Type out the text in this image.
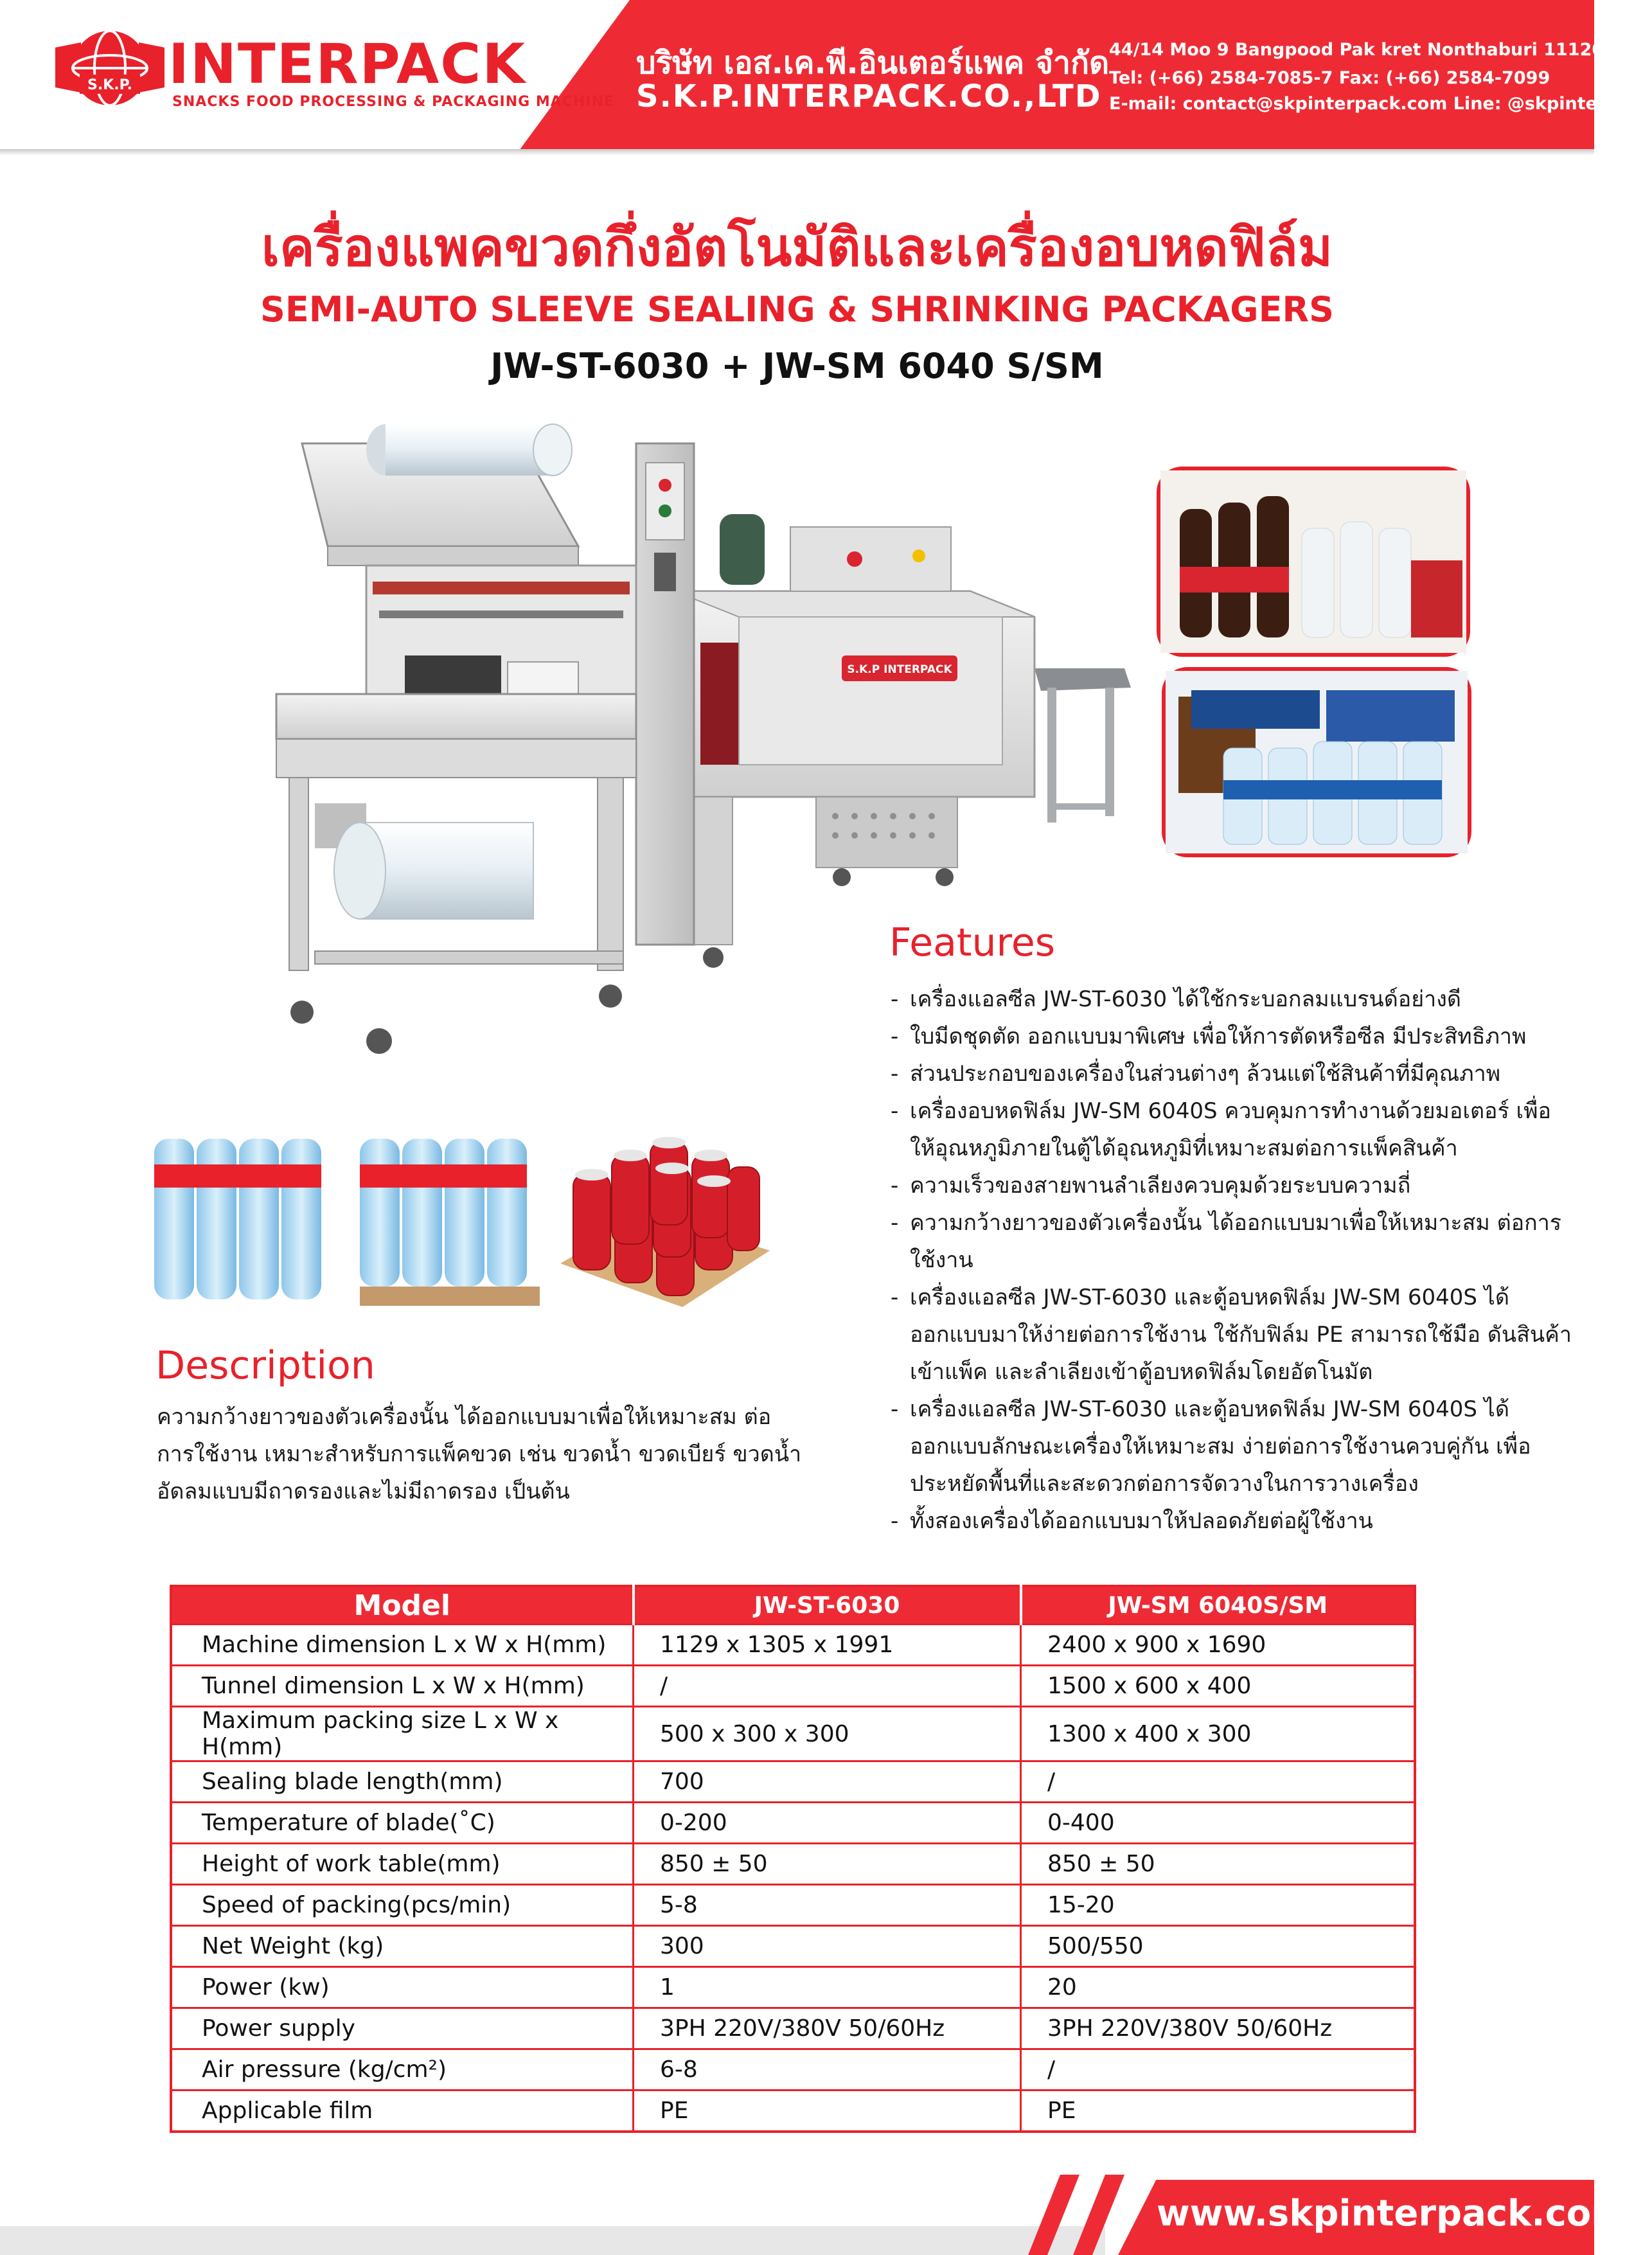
S.K.P. INTERPACK
SNACKS FOOD PROCESSING & PACKAGING MACHINE
บริษัท เอส.เค.พี.อินเตอร์แพค จำกัด
S.K.P.INTERPACK.CO.,LTD
44/14 Moo 9 Bangpood Pak kret Nonthaburi 11120
Tel: (+66) 2584-7085-7 Fax: (+66) 2584-7099
E-mail: contact@skpinterpack.com Line: @skpinterpack
เครื่องแพคขวดกึ่งอัตโนมัติและเครื่องอบหดฟิล์ม
SEMI-AUTO SLEEVE SEALING & SHRINKING PACKAGERS
JW-ST-6030 + JW-SM 6040 S/SM
S.K.P INTERPACK
Features
- เครื่องแอลซีล JW-ST-6030 ได้ใช้กระบอกลมแบรนด์อย่างดี
- ใบมีดชุดตัด ออกแบบมาพิเศษ เพื่อให้การตัดหรือซีล มีประสิทธิภาพ
- ส่วนประกอบของเครื่องในส่วนต่างๆ ล้วนแต่ใช้สินค้าที่มีคุณภาพ
- เครื่องอบหดฟิล์ม JW-SM 6040S ควบคุมการทำงานด้วยมอเตอร์ เพื่อให้อุณหภูมิภายในตู้ได้อุณหภูมิที่เหมาะสมต่อการแพ็คสินค้า
- ความเร็วของสายพานลำเลียงควบคุมด้วยระบบความถี่
- ความกว้างยาวของตัวเครื่องนั้น ได้ออกแบบมาเพื่อให้เหมาะสม ต่อการใช้งาน
- เครื่องแอลซีล JW-ST-6030 และตู้อบหดฟิล์ม JW-SM 6040S ได้ออกแบบมาให้ง่ายต่อการใช้งาน ใช้กับฟิล์ม PE สามารถใช้มือ ดันสินค้าเข้าแพ็ค และลำเลียงเข้าตู้อบหดฟิล์มโดยอัตโนมัต
- เครื่องแอลซีล JW-ST-6030 และตู้อบหดฟิล์ม JW-SM 6040S ได้ออกแบบลักษณะเครื่องให้เหมาะสม ง่ายต่อการใช้งานควบคู่กัน เพื่อประหยัดพื้นที่และสะดวกต่อการจัดวางในการวางเครื่อง
- ทั้งสองเครื่องได้ออกแบบมาให้ปลอดภัยต่อผู้ใช้งาน
Description
ความกว้างยาวของตัวเครื่องนั้น ได้ออกแบบมาเพื่อให้เหมาะสม ต่อการใช้งาน เหมาะสำหรับการแพ็คขวด เช่น ขวดน้ำ ขวดเบียร์ ขวดน้ำอัดลมแบบมีถาดรองและไม่มีถาดรอง เป็นต้น
Model	JW-ST-6030	JW-SM 6040S/SM
Machine dimension L x W x H(mm)	1129 x 1305 x 1991	2400 x 900 x 1690
Tunnel dimension L x W x H(mm)	/	1500 x 600 x 400
Maximum packing size L x W x H(mm)	500 x 300 x 300	1300 x 400 x 300
Sealing blade length(mm)	700	/
Temperature of blade(˚C)	0-200	0-400
Height of work table(mm)	850 ± 50	850 ± 50
Speed of packing(pcs/min)	5-8	15-20
Net Weight (kg)	300	500/550
Power (kw)	1	20
Power supply	3PH 220V/380V 50/60Hz	3PH 220V/380V 50/60Hz
Air pressure (kg/cm²)	6-8	/
Applicable film	PE	PE
www.skpinterpack.com
